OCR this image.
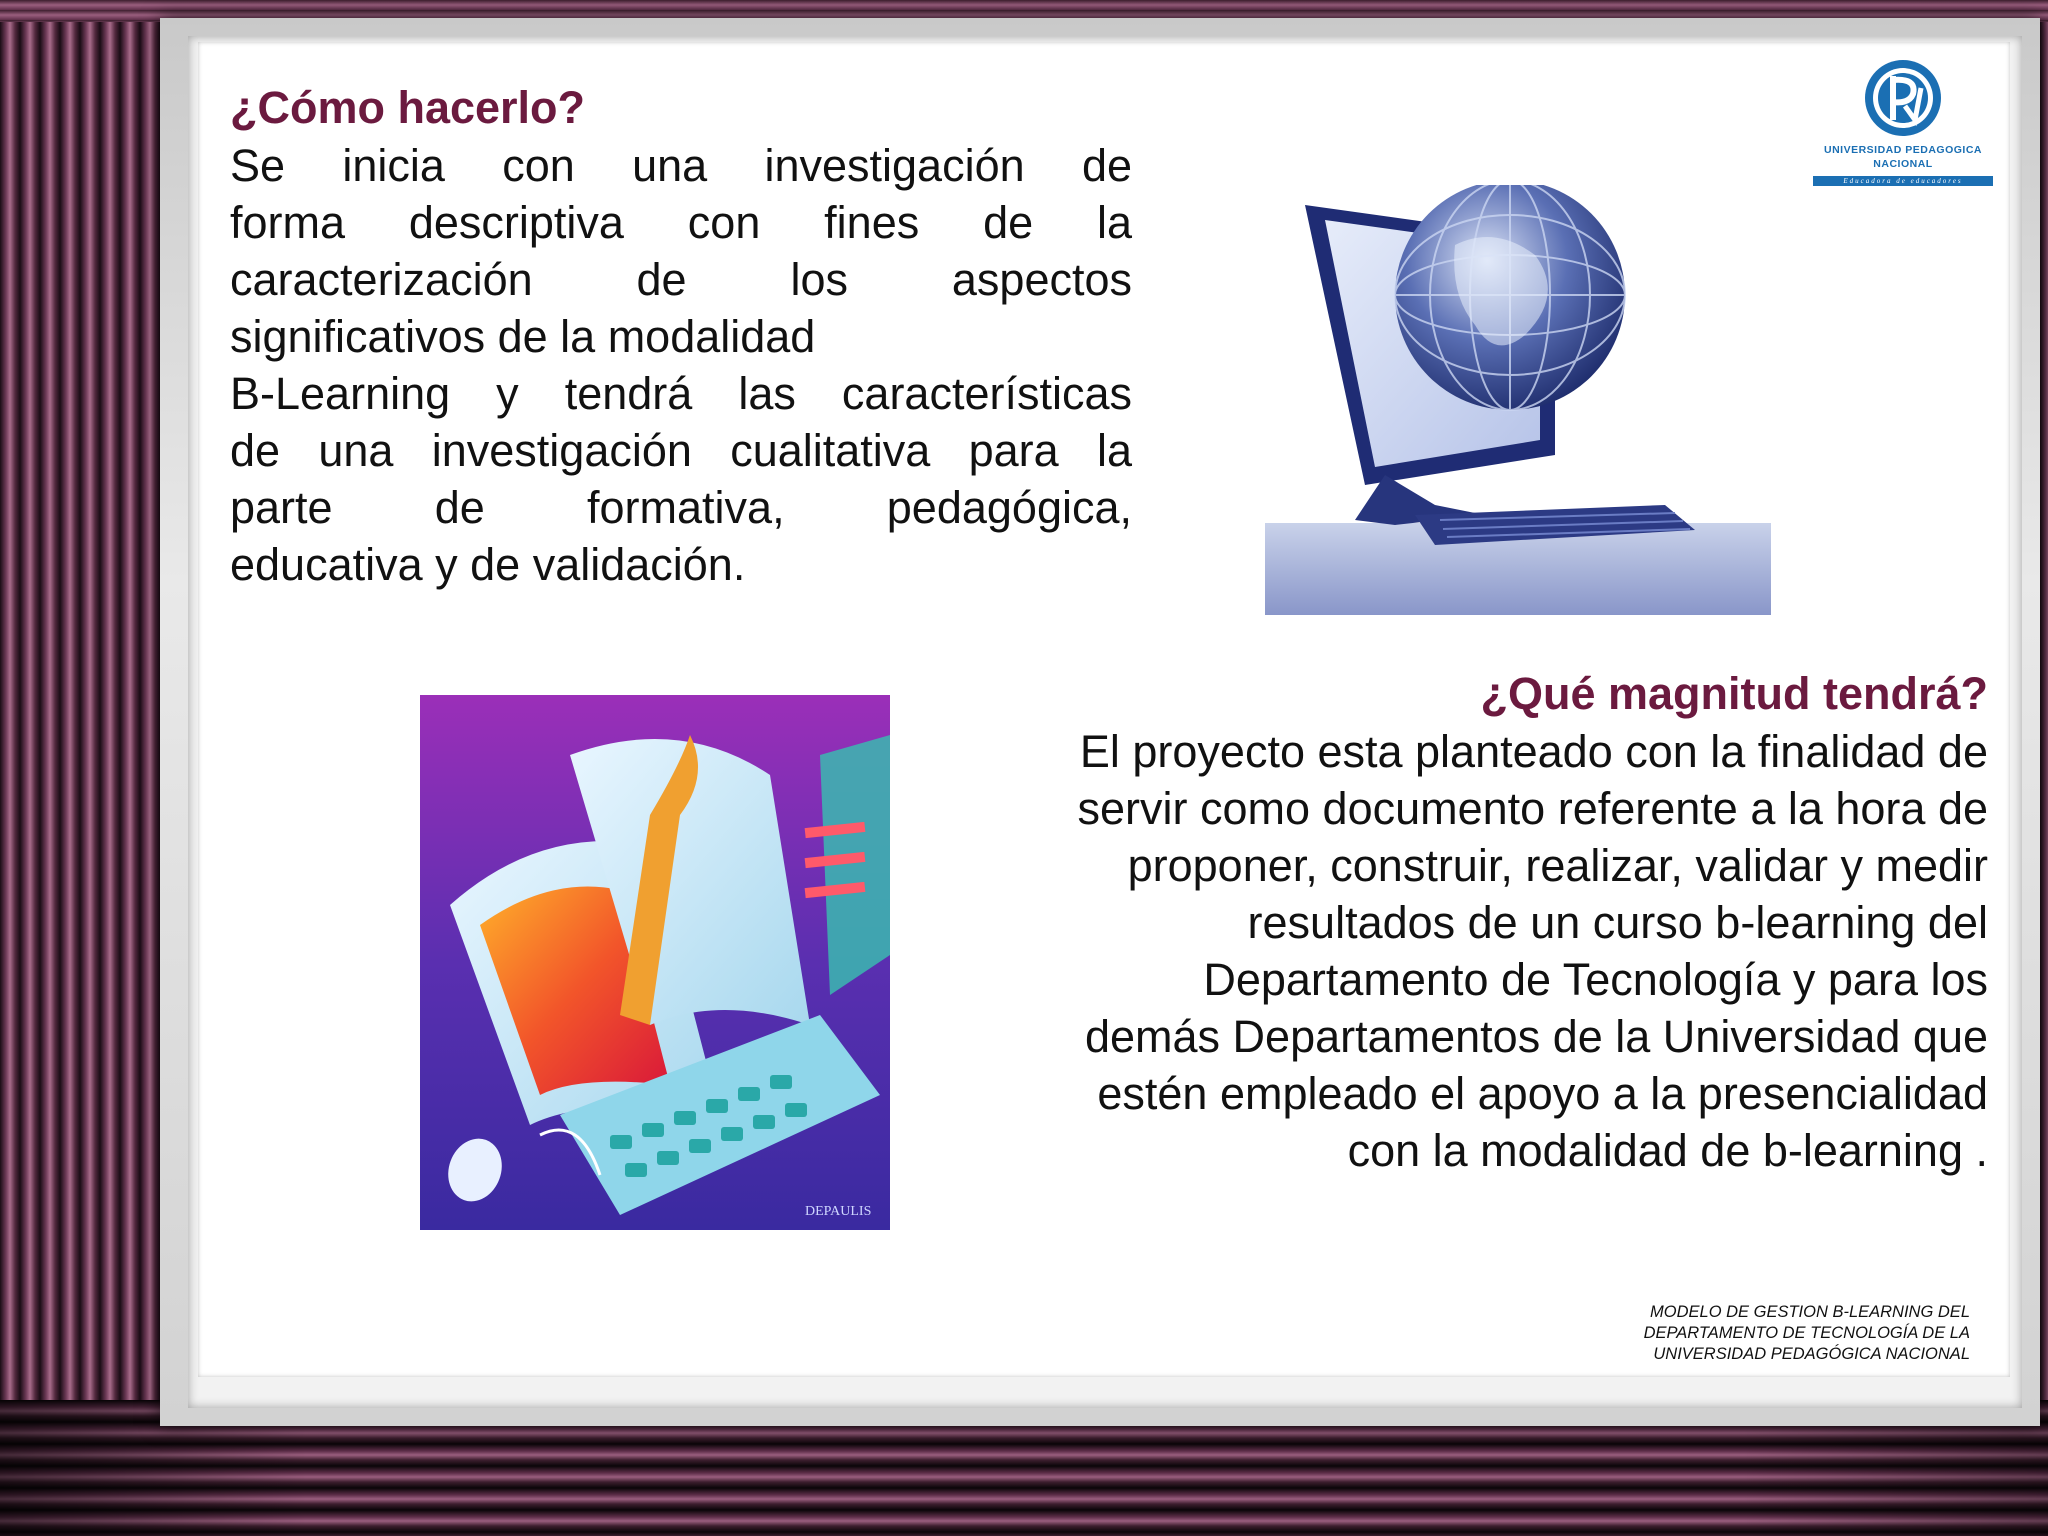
¿Cómo hacerlo?
Se inicia con una investigación de
forma descriptiva con fines de la
caracterización de los aspectos
significativos de la modalidad
B-Learning y tendrá las características
de una investigación cualitativa para la
parte de formativa, pedagógica,
educativa y de validación.
UNIVERSIDAD PEDAGOGICA
NACIONAL
Educadora de educadores
DEPAULIS
¿Qué magnitud tendrá?
El proyecto esta planteado con la finalidad de
servir como documento referente a la hora de
proponer, construir, realizar, validar y medir
resultados de un curso b-learning del
Departamento de Tecnología y para los
demás Departamentos de la Universidad que
estén empleado el apoyo a la presencialidad
con la modalidad de b-learning .
MODELO DE GESTION B-LEARNING DEL
DEPARTAMENTO DE TECNOLOGÍA DE LA
UNIVERSIDAD PEDAGÓGICA NACIONAL
